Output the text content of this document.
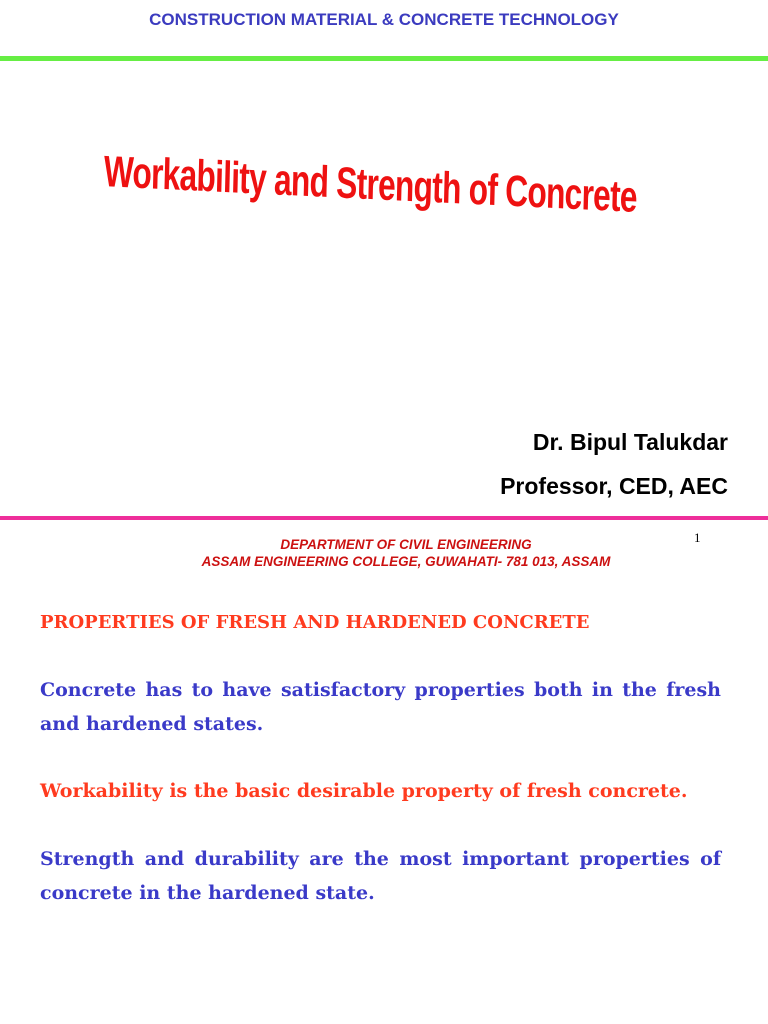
CONSTRUCTION MATERIAL & CONCRETE TECHNOLOGY
Workability and Strength of Concrete
Dr. Bipul Talukdar
Professor, CED, AEC
DEPARTMENT OF CIVIL ENGINEERING
ASSAM ENGINEERING COLLEGE, GUWAHATI- 781 013, ASSAM
1
PROPERTIES OF FRESH AND HARDENED CONCRETE
Concrete has to have satisfactory properties both in the fresh and hardened states.
Workability is the basic desirable property of fresh concrete.
Strength and durability are the most important properties of concrete in the hardened state.
